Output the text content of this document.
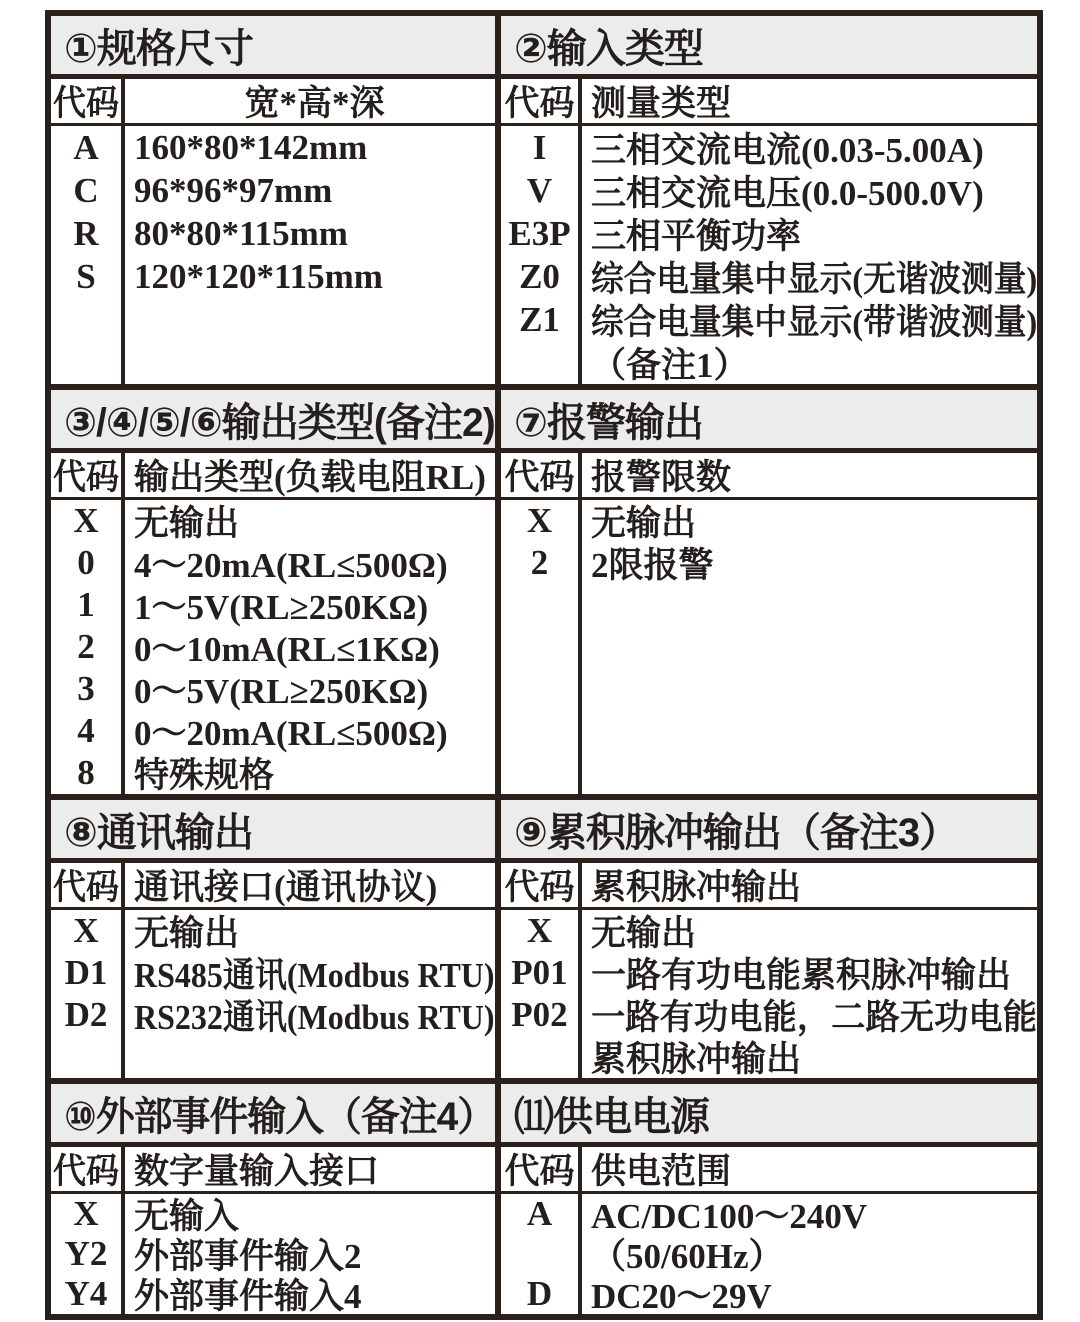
①规格尺寸
代码	宽*高*深
A	160*80*142mm
C	96*96*97mm
R	80*80*115mm
S	120*120*115mm
②输入类型
代码 测量类型
I	三相交流电流(0.03-5.00A)
V	三相交流电压(0.0-500.0V)
E3P 三相平衡功率
Z0 综合电量集中显示(无谐波测量)
Z1 综合电量集中显示(带谐波测量)
（备注1）
③/④/⑤/⑥输出类型(备注2)
代码 输出类型(负载电阻RL)
X	无输出
0	4～20mA(RL≤500Ω)
1	1～5V(RL≥250KΩ)
2	0～10mA(RL≤1KΩ)
3	0～5V(RL≥250KΩ)
4	0～20mA(RL≤500Ω)
8	特殊规格
⑦报警输出
代码 报警限数
X	无输出
2	2限报警
⑧通讯输出
代码 通讯接口(通讯协议)
X	无输出
D1 RS485通讯(Modbus RTU)
D2 RS232通讯(Modbus RTU)
⑨累积脉冲输出（备注3）
代码 累积脉冲输出
X	无输出
P01 一路有功电能累积脉冲输出
P02 一路有功电能，二路无功电能
累积脉冲输出
⑩外部事件输入（备注4）
代码 数字量输入接口
X	无输入
Y2 外部事件输入2
Y4 外部事件输入4
⑾供电电源
代码 供电范围
A	AC/DC100～240V
（50/60Hz）
D	DC20～29V
